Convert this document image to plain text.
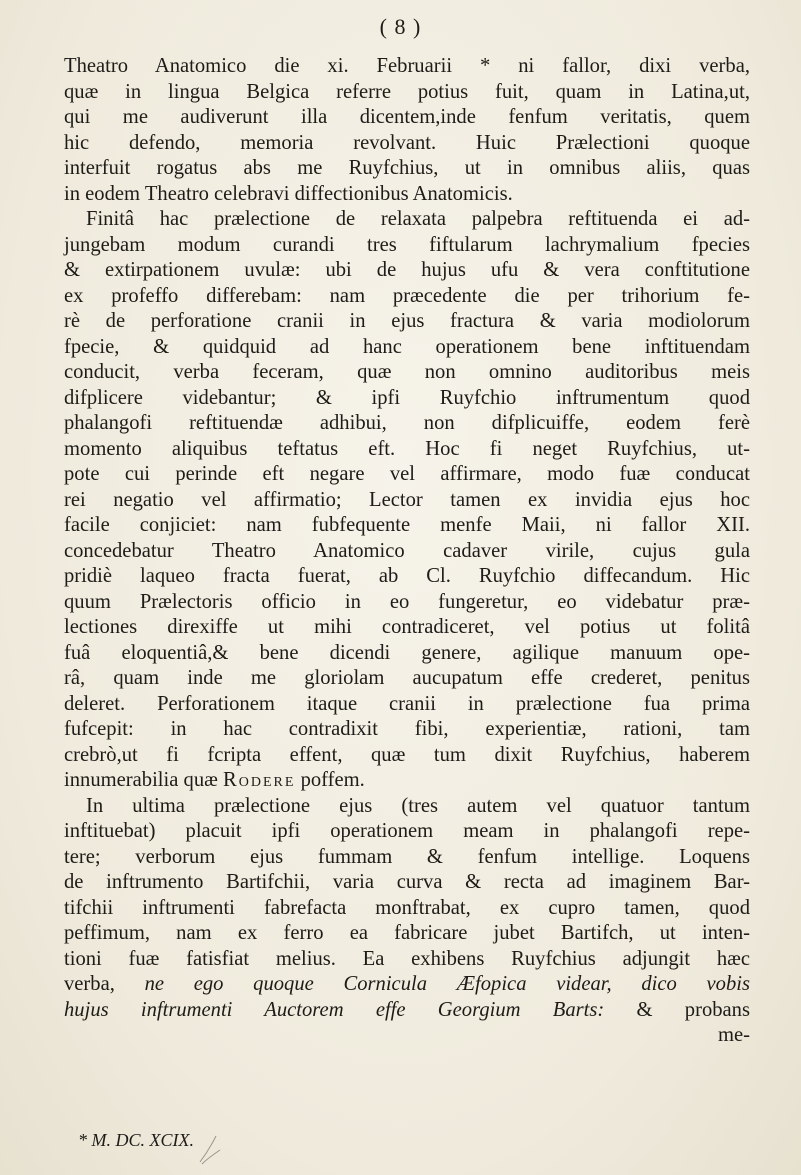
( 8 )
Theatro Anatomico die xi. Februarii * ni fallor, dixi verba,
quæ in lingua Belgica referre potius fuit, quam in Latina,ut,
qui me audiverunt illa dicentem,inde fenfum veritatis, quem
hic defendo, memoria revolvant. Huic Prælectioni quoque
interfuit rogatus abs me Ruyfchius, ut in omnibus aliis, quas
in eodem Theatro celebravi diffectionibus Anatomicis.
Finitâ hac prælectione de relaxata palpebra reftituenda ei ad-
jungebam modum curandi tres fiftularum lachrymalium fpecies
& extirpationem uvulæ: ubi de hujus ufu & vera conftitutione
ex profeffo differebam: nam præcedente die per trihorium fe-
rè de perforatione cranii in ejus fractura & varia modiolorum
fpecie, & quidquid ad hanc operationem bene inftituendam
conducit, verba feceram, quæ non omnino auditoribus meis
difplicere videbantur; & ipfi Ruyfchio inftrumentum quod
phalangofi reftituendæ adhibui, non difplicuiffe, eodem ferè
momento aliquibus teftatus eft. Hoc fi neget Ruyfchius, ut-
pote cui perinde eft negare vel affirmare, modo fuæ conducat
rei negatio vel affirmatio; Lector tamen ex invidia ejus hoc
facile conjiciet: nam fubfequente menfe Maii, ni fallor XII.
concedebatur Theatro Anatomico cadaver virile, cujus gula
pridiè laqueo fracta fuerat, ab Cl. Ruyfchio diffecandum. Hic
quum Prælectoris officio in eo fungeretur, eo videbatur præ-
lectiones direxiffe ut mihi contradiceret, vel potius ut folitâ
fuâ eloquentiâ,& bene dicendi genere, agilique manuum ope-
râ, quam inde me gloriolam aucupatum effe crederet, penitus
deleret. Perforationem itaque cranii in prælectione fua prima
fufcepit: in hac contradixit fibi, experientiæ, rationi, tam
crebrò,ut fi fcripta effent, quæ tum dixit Ruyfchius, haberem
innumerabilia quæ Rodere poffem.
In ultima prælectione ejus (tres autem vel quatuor tantum
inftituebat) placuit ipfi operationem meam in phalangofi repe-
tere; verborum ejus fummam & fenfum intellige. Loquens
de inftrumento Bartifchii, varia curva & recta ad imaginem Bar-
tifchii inftrumenti fabrefacta monftrabat, ex cupro tamen, quod
peffimum, nam ex ferro ea fabricare jubet Bartifch, ut inten-
tioni fuæ fatisfiat melius. Ea exhibens Ruyfchius adjungit hæc
verba, ne ego quoque Cornicula Æfopica videar, dico vobis
hujus inftrumenti Auctorem effe Georgium Barts: & probans
me-
* M. DC. XCIX.
